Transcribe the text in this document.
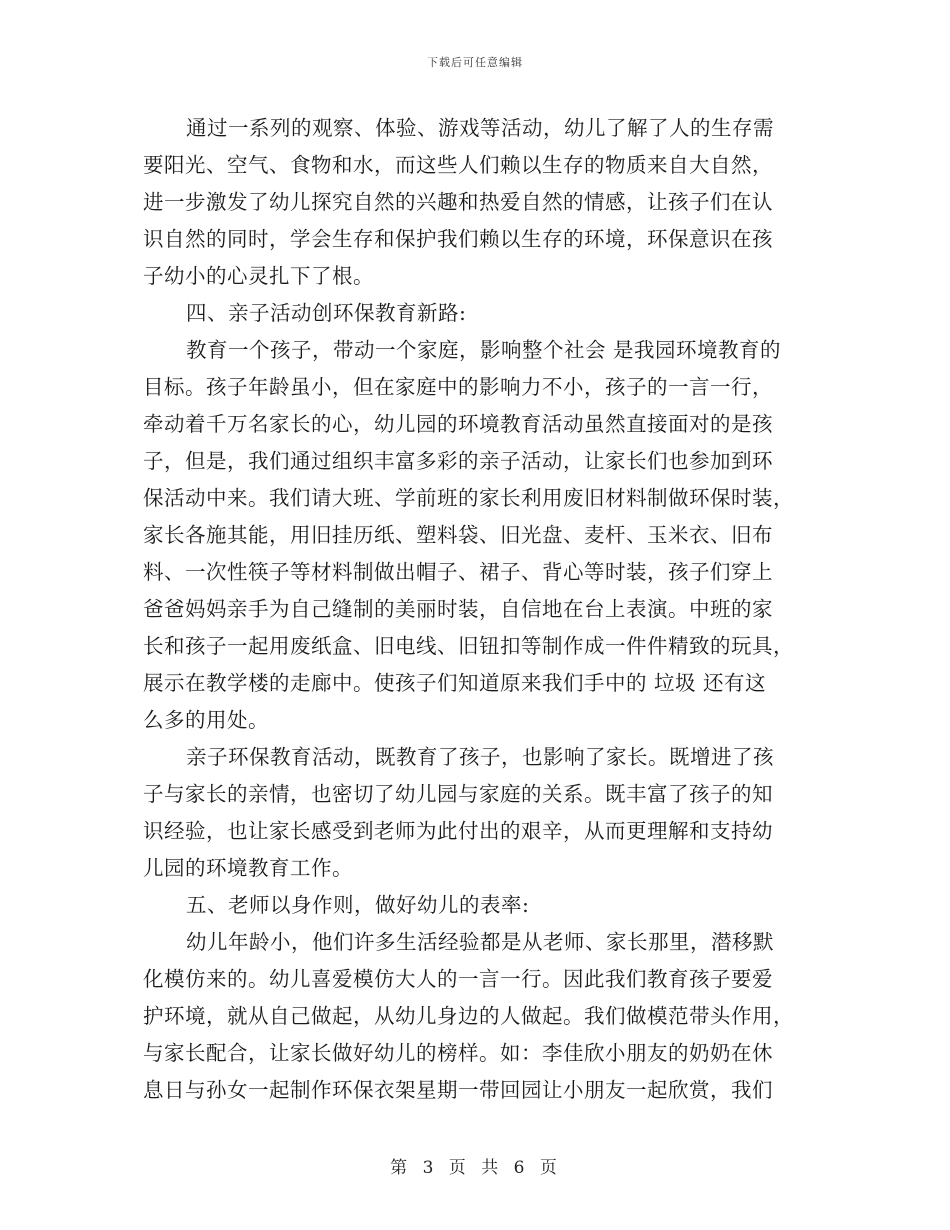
下载后可任意编辑
通过一系列的观察、体验、游戏等活动，幼儿了解了人的生存需
要阳光、空气、食物和水，而这些人们赖以生存的物质来自大自然，
进一步激发了幼儿探究自然的兴趣和热爱自然的情感，让孩子们在认
识自然的同时，学会生存和保护我们赖以生存的环境，环保意识在孩
子幼小的心灵扎下了根。
四、亲子活动创环保教育新路:
教育一个孩子，带动一个家庭，影响整个社会 是我园环境教育的
目标。孩子年龄虽小，但在家庭中的影响力不小，孩子的一言一行，
牵动着千万名家长的心，幼儿园的环境教育活动虽然直接面对的是孩
子，但是，我们通过组织丰富多彩的亲子活动，让家长们也参加到环
保活动中来。我们请大班、学前班的家长利用废旧材料制做环保时装，
家长各施其能，用旧挂历纸、塑料袋、旧光盘、麦杆、玉米衣、旧布
料、一次性筷子等材料制做出帽子、裙子、背心等时装，孩子们穿上
爸爸妈妈亲手为自己缝制的美丽时装，自信地在台上表演。中班的家
长和孩子一起用废纸盒、旧电线、旧钮扣等制作成一件件精致的玩具，
展示在教学楼的走廊中。使孩子们知道原来我们手中的 垃圾 还有这
么多的用处。
亲子环保教育活动，既教育了孩子，也影响了家长。既增进了孩
子与家长的亲情，也密切了幼儿园与家庭的关系。既丰富了孩子的知
识经验，也让家长感受到老师为此付出的艰辛，从而更理解和支持幼
儿园的环境教育工作。
五、老师以身作则，做好幼儿的表率:
幼儿年龄小，他们许多生活经验都是从老师、家长那里，潜移默
化模仿来的。幼儿喜爱模仿大人的一言一行。因此我们教育孩子要爱
护环境，就从自己做起，从幼儿身边的人做起。我们做模范带头作用，
与家长配合，让家长做好幼儿的榜样。如：李佳欣小朋友的奶奶在休
息日与孙女一起制作环保衣架星期一带回园让小朋友一起欣赏，我们
第 3 页 共 6 页
